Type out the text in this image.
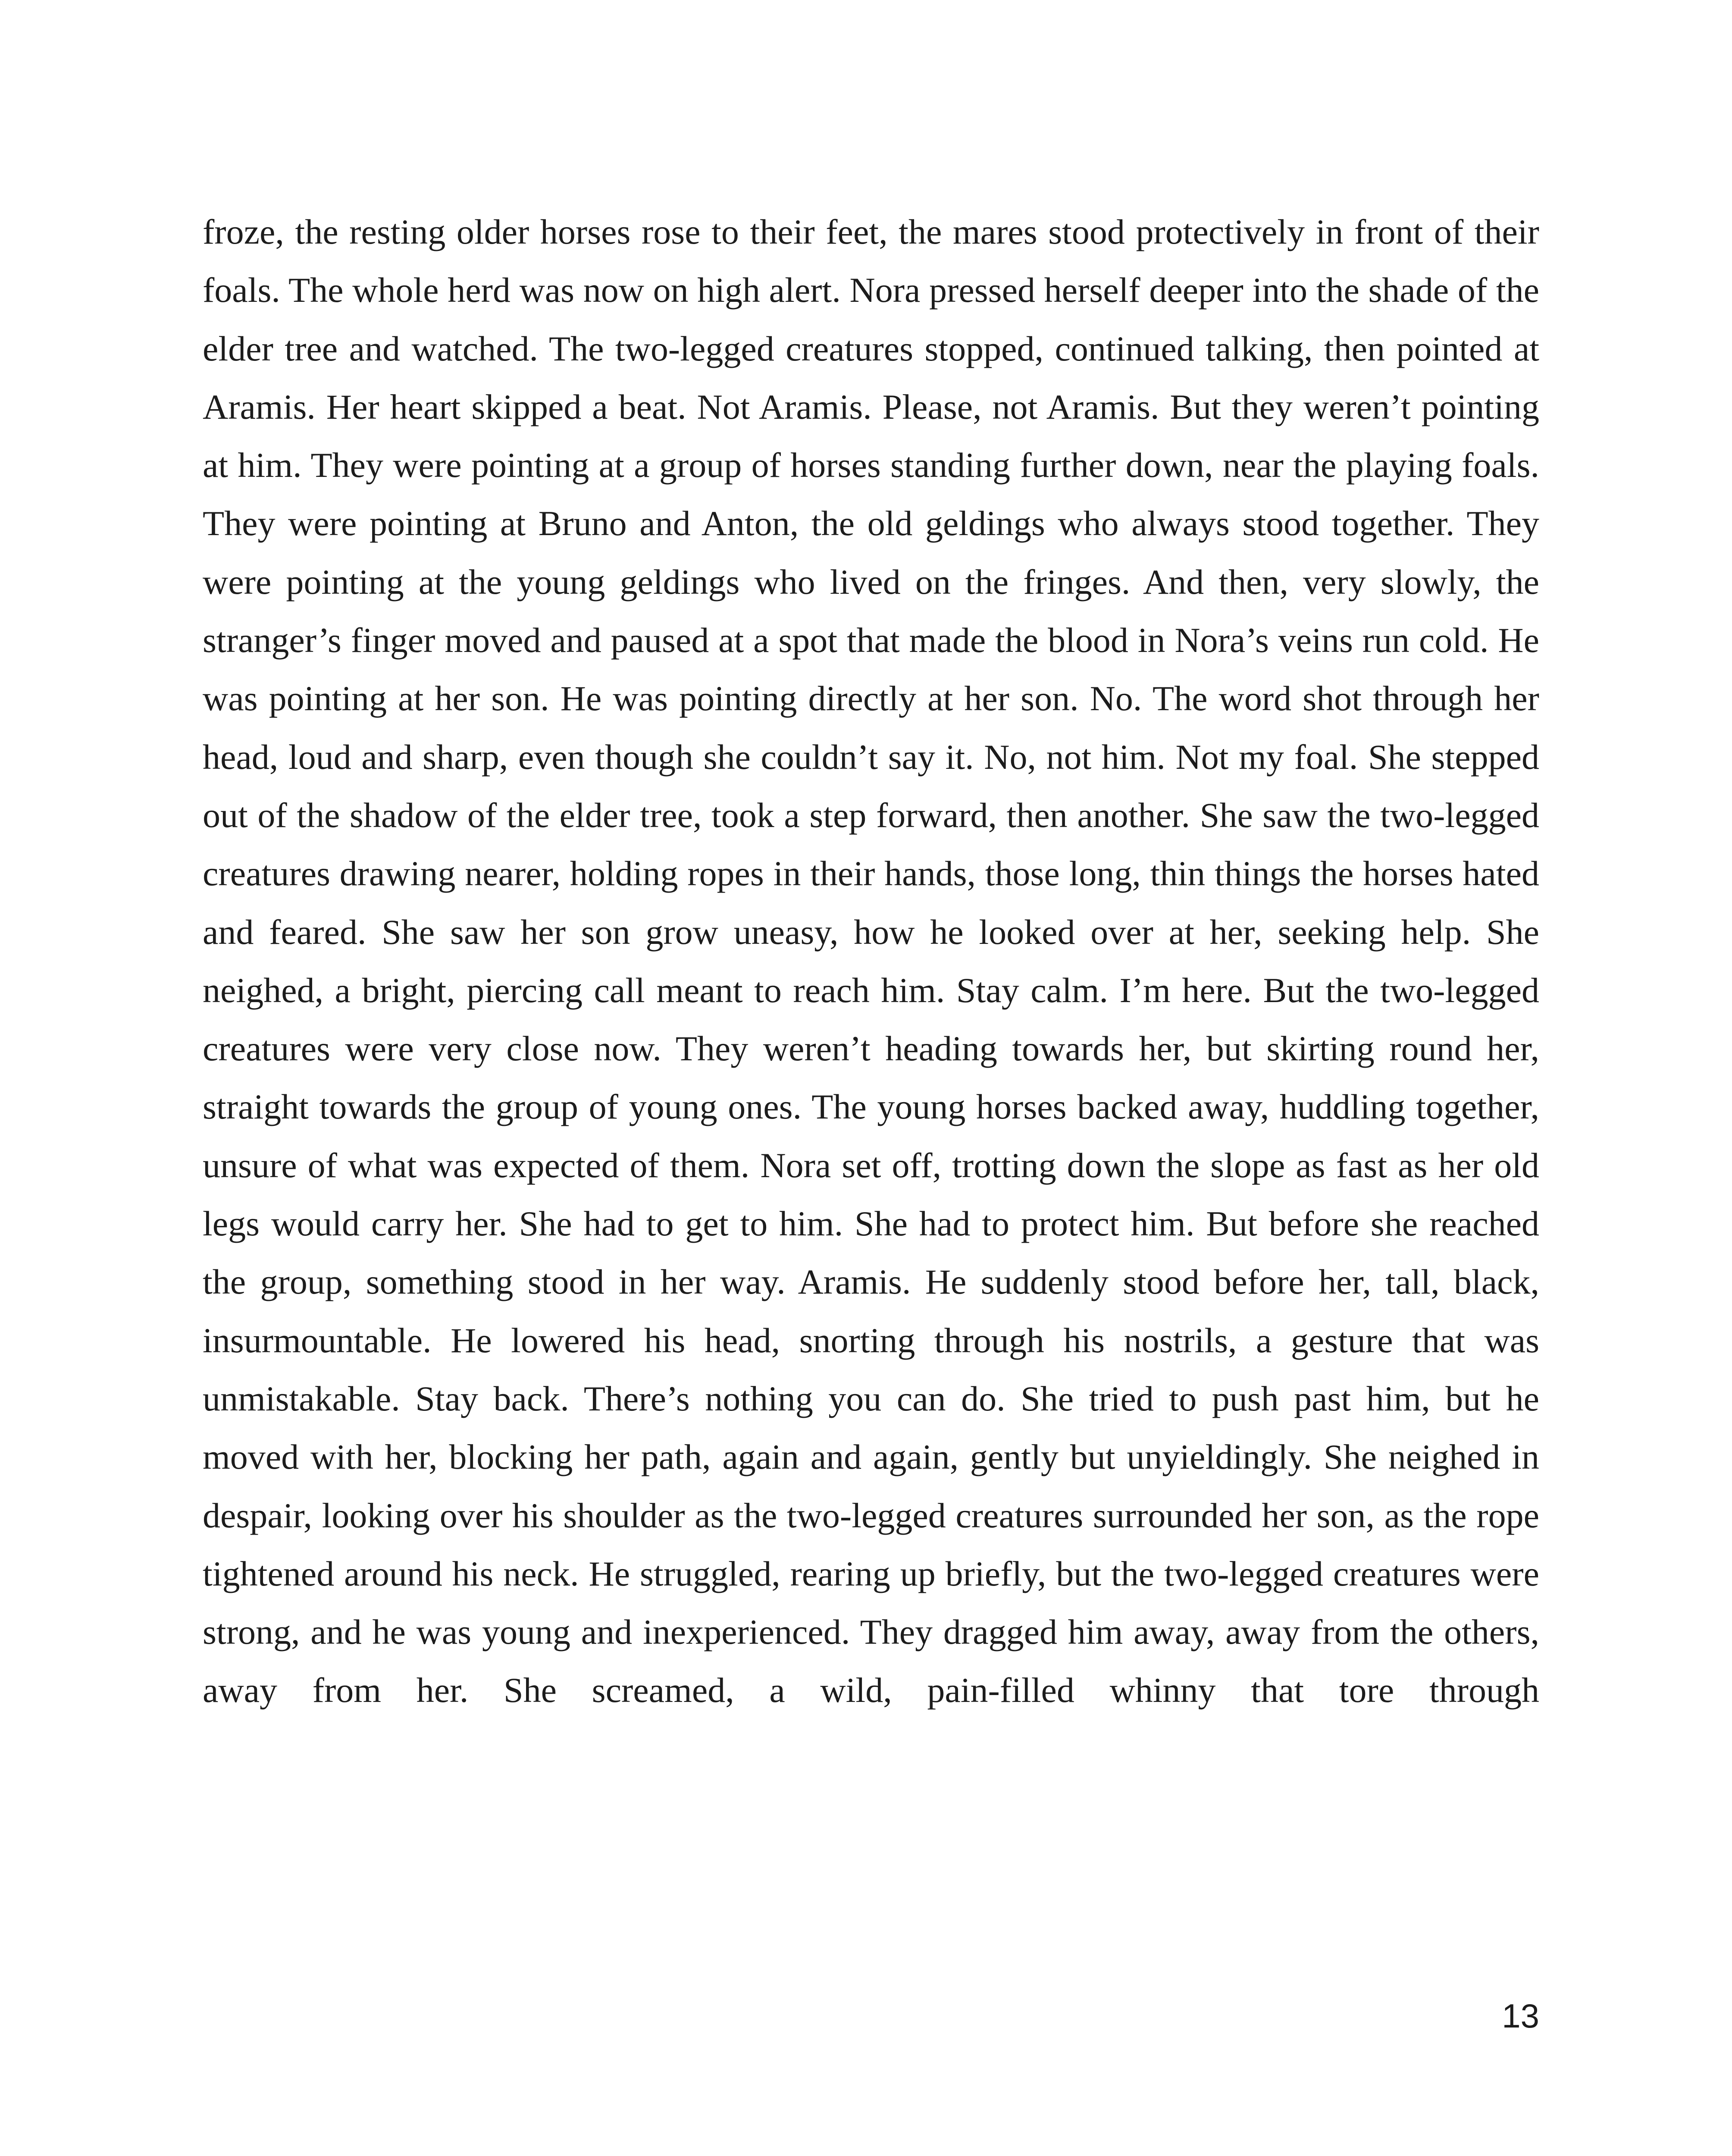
froze, the resting older horses rose to their feet, the mares stood protectively in front of their foals. The whole herd was now on high alert. Nora pressed herself deeper into the shade of the elder tree and watched. The two-legged creatures stopped, continued talking, then pointed at Aramis. Her heart skipped a beat. Not Aramis. Please, not Aramis. But they weren’t pointing at him. They were pointing at a group of horses standing further down, near the playing foals. They were pointing at Bruno and Anton, the old geldings who always stood together. They were pointing at the young geldings who lived on the fringes. And then, very slowly, the stranger’s finger moved and paused at a spot that made the blood in Nora’s veins run cold. He was pointing at her son. He was pointing directly at her son. No. The word shot through her head, loud and sharp, even though she couldn’t say it. No, not him. Not my foal. She stepped out of the shadow of the elder tree, took a step forward, then another. She saw the two-legged creatures drawing nearer, holding ropes in their hands, those long, thin things the horses hated and feared. She saw her son grow uneasy, how he looked over at her, seeking help. She neighed, a bright, piercing call meant to reach him. Stay calm. I’m here. But the two-legged creatures were very close now. They weren’t heading towards her, but skirting round her, straight towards the group of young ones. The young horses backed away, huddling together, unsure of what was expected of them. Nora set off, trotting down the slope as fast as her old legs would carry her. She had to get to him. She had to protect him. But before she reached the group, something stood in her way. Aramis. He suddenly stood before her, tall, black, insurmountable. He lowered his head, snorting through his nostrils, a gesture that was unmistakable. Stay back. There’s nothing you can do. She tried to push past him, but he moved with her, blocking her path, again and again, gently but unyieldingly. She neighed in despair, looking over his shoulder as the two-legged creatures surrounded her son, as the rope tightened around his neck. He struggled, rearing up briefly, but the two-legged creatures were strong, and he was young and inexperienced. They dragged him away, away from the others, away from her. She screamed, a wild, pain-filled whinny that tore through

13
